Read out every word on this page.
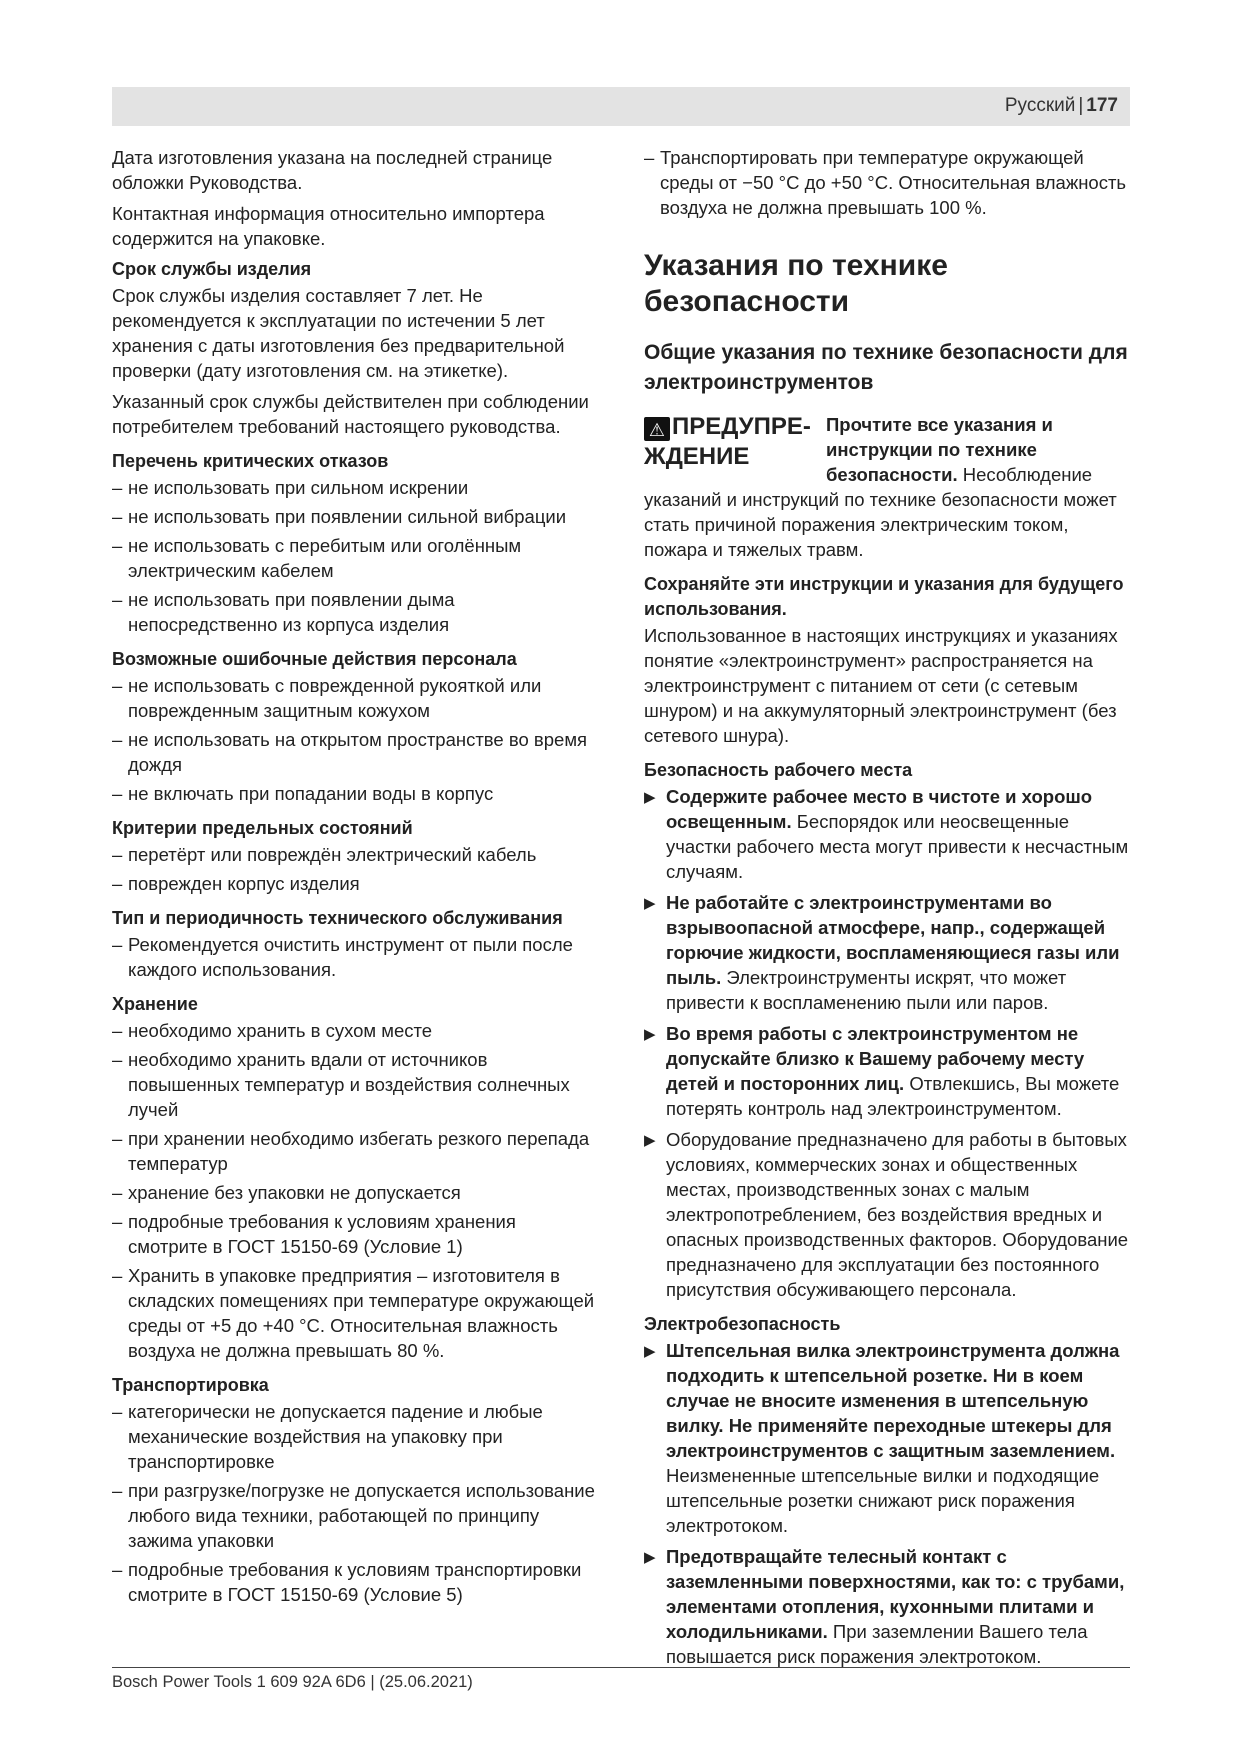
Русский | 177

Дата изготовления указана на последней странице обложки Руководства.

Контактная информация относительно импортера содержится на упаковке.

Срок службы изделия

Срок службы изделия составляет 7 лет. Не рекомендуется к эксплуатации по истечении 5 лет хранения с даты изготовления без предварительной проверки (дату изготовления см. на этикетке).

Указанный срок службы действителен при соблюдении потребителем требований настоящего руководства.

Перечень критических отказов
– не использовать при сильном искрении
– не использовать при появлении сильной вибрации
– не использовать с перебитым или оголённым электрическим кабелем
– не использовать при появлении дыма непосредственно из корпуса изделия
Возможные ошибочные действия персонала
– не использовать с поврежденной рукояткой или поврежденным защитным кожухом
– не использовать на открытом пространстве во время дождя
– не включать при попадании воды в корпус
Критерии предельных состояний
– перетёрт или повреждён электрический кабель
– поврежден корпус изделия
Тип и периодичность технического обслуживания
– Рекомендуется очистить инструмент от пыли после каждого использования.
Хранение
– необходимо хранить в сухом месте
– необходимо хранить вдали от источников повышенных температур и воздействия солнечных лучей
– при хранении необходимо избегать резкого перепада температур
– хранение без упаковки не допускается
– подробные требования к условиям хранения смотрите в ГОСТ 15150-69 (Условие 1)
– Хранить в упаковке предприятия – изготовителя в складских помещениях при температуре окружающей среды от +5 до +40 °C. Относительная влажность воздуха не должна превышать 80 %.
Транспортировка
– категорически не допускается падение и любые механические воздействия на упаковку при транспортировке
– при разгрузке/погрузке не допускается использование любого вида техники, работающей по принципу зажима упаковки
– подробные требования к условиям транспортировки смотрите в ГОСТ 15150-69 (Условие 5)
– Транспортировать при температуре окружающей среды от −50 °C до +50 °C. Относительная влажность воздуха не должна превышать 100 %.
Указания по технике безопасности
Общие указания по технике безопасности для электроинструментов
⚠ ПРЕДУПРЕ-
ЖДЕНИЕ
Прочтите все указания и инструкции по технике безопасности. Несоблюдение указаний и инструкций по технике безопасности может стать причиной поражения электрическим током, пожара и тяжелых травм.
Сохраняйте эти инструкции и указания для будущего использования.

Использованное в настоящих инструкциях и указаниях понятие «электроинструмент» распространяется на электроинструмент с питанием от сети (с сетевым шнуром) и на аккумуляторный электроинструмент (без сетевого шнура).

Безопасность рабочего места
▶ Содержите рабочее место в чистоте и хорошо освещенным. Беспорядок или неосвещенные участки рабочего места могут привести к несчастным случаям.
▶ Не работайте с электроинструментами во взрывоопасной атмосфере, напр., содержащей горючие жидкости, воспламеняющиеся газы или пыль. Электроинструменты искрят, что может привести к воспламенению пыли или паров.
▶ Во время работы с электроинструментом не допускайте близко к Вашему рабочему месту детей и посторонних лиц. Отвлекшись, Вы можете потерять контроль над электроинструментом.
▶ Оборудование предназначено для работы в бытовых условиях, коммерческих зонах и общественных местах, производственных зонах с малым электропотреблением, без воздействия вредных и опасных производственных факторов. Оборудование предназначено для эксплуатации без постоянного присутствия обсуживающего персонала.
Электробезопасность
▶ Штепсельная вилка электроинструмента должна подходить к штепсельной розетке. Ни в коем случае не вносите изменения в штепсельную вилку. Не применяйте переходные штекеры для электроинструментов с защитным заземлением. Неизмененные штепсельные вилки и подходящие штепсельные розетки снижают риск поражения электротоком.
▶ Предотвращайте телесный контакт с заземленными поверхностями, как то: с трубами, элементами отопления, кухонными плитами и холодильниками. При заземлении Вашего тела повышается риск поражения электротоком.
Bosch Power Tools 1 609 92A 6D6 | (25.06.2021)
